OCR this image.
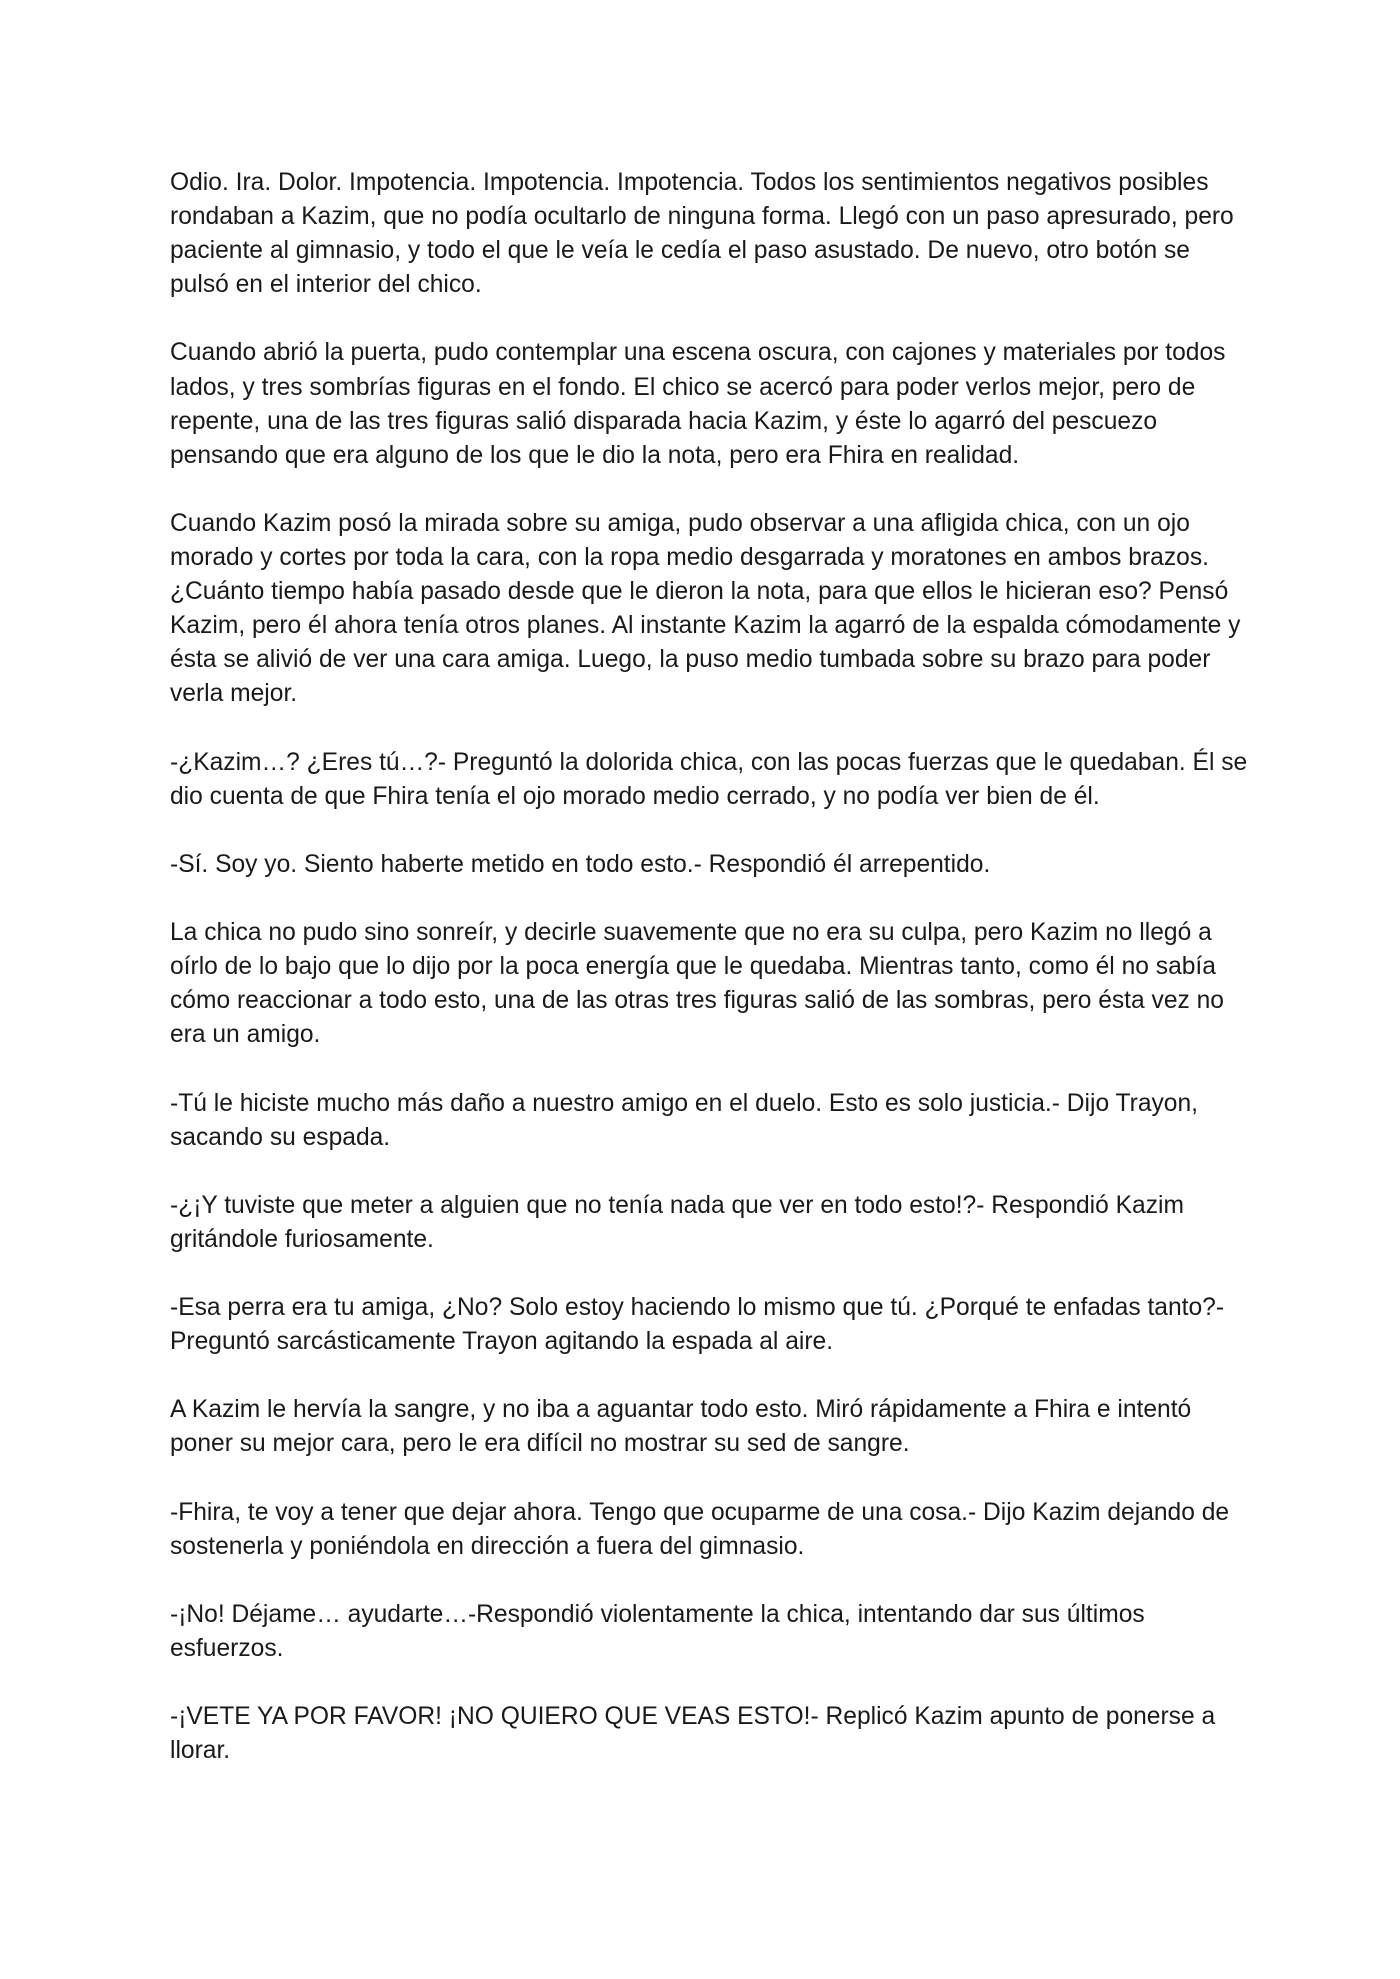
Odio. Ira. Dolor. Impotencia. Impotencia. Impotencia. Todos los sentimientos negativos posibles rondaban a Kazim, que no podía ocultarlo de ninguna forma. Llegó con un paso apresurado, pero paciente al gimnasio, y todo el que le veía le cedía el paso asustado. De nuevo, otro botón se pulsó en el interior del chico.

Cuando abrió la puerta, pudo contemplar una escena oscura, con cajones y materiales por todos lados, y tres sombrías figuras en el fondo. El chico se acercó para poder verlos mejor, pero de repente, una de las tres figuras salió disparada hacia Kazim, y éste lo agarró del pescuezo pensando que era alguno de los que le dio la nota, pero era Fhira en realidad.

Cuando Kazim posó la mirada sobre su amiga, pudo observar a una afligida chica, con un ojo morado y cortes por toda la cara, con la ropa medio desgarrada y moratones en ambos brazos. ¿Cuánto tiempo había pasado desde que le dieron la nota, para que ellos le hicieran eso? Pensó Kazim, pero él ahora tenía otros planes. Al instante Kazim la agarró de la espalda cómodamente y ésta se alivió de ver una cara amiga. Luego, la puso medio tumbada sobre su brazo para poder verla mejor.

-¿Kazim…? ¿Eres tú…?- Preguntó la dolorida chica, con las pocas fuerzas que le quedaban. Él se dio cuenta de que Fhira tenía el ojo morado medio cerrado, y no podía ver bien de él.

-Sí. Soy yo. Siento haberte metido en todo esto.- Respondió él arrepentido.

La chica no pudo sino sonreír, y decirle suavemente que no era su culpa, pero Kazim no llegó a oírlo de lo bajo que lo dijo por la poca energía que le quedaba. Mientras tanto, como él no sabía cómo reaccionar a todo esto, una de las otras tres figuras salió de las sombras, pero ésta vez no era un amigo.

-Tú le hiciste mucho más daño a nuestro amigo en el duelo. Esto es solo justicia.- Dijo Trayon, sacando su espada.

-¿¡Y tuviste que meter a alguien que no tenía nada que ver en todo esto!?- Respondió Kazim gritándole furiosamente.

-Esa perra era tu amiga, ¿No? Solo estoy haciendo lo mismo que tú. ¿Porqué te enfadas tanto?- Preguntó sarcásticamente Trayon agitando la espada al aire.

A Kazim le hervía la sangre, y no iba a aguantar todo esto. Miró rápidamente a Fhira e intentó poner su mejor cara, pero le era difícil no mostrar su sed de sangre.

-Fhira, te voy a tener que dejar ahora. Tengo que ocuparme de una cosa.- Dijo Kazim dejando de sostenerla y poniéndola en dirección a fuera del gimnasio.

-¡No! Déjame… ayudarte…-Respondió violentamente la chica, intentando dar sus últimos esfuerzos.

-¡VETE YA POR FAVOR! ¡NO QUIERO QUE VEAS ESTO!- Replicó Kazim apunto de ponerse a llorar.
